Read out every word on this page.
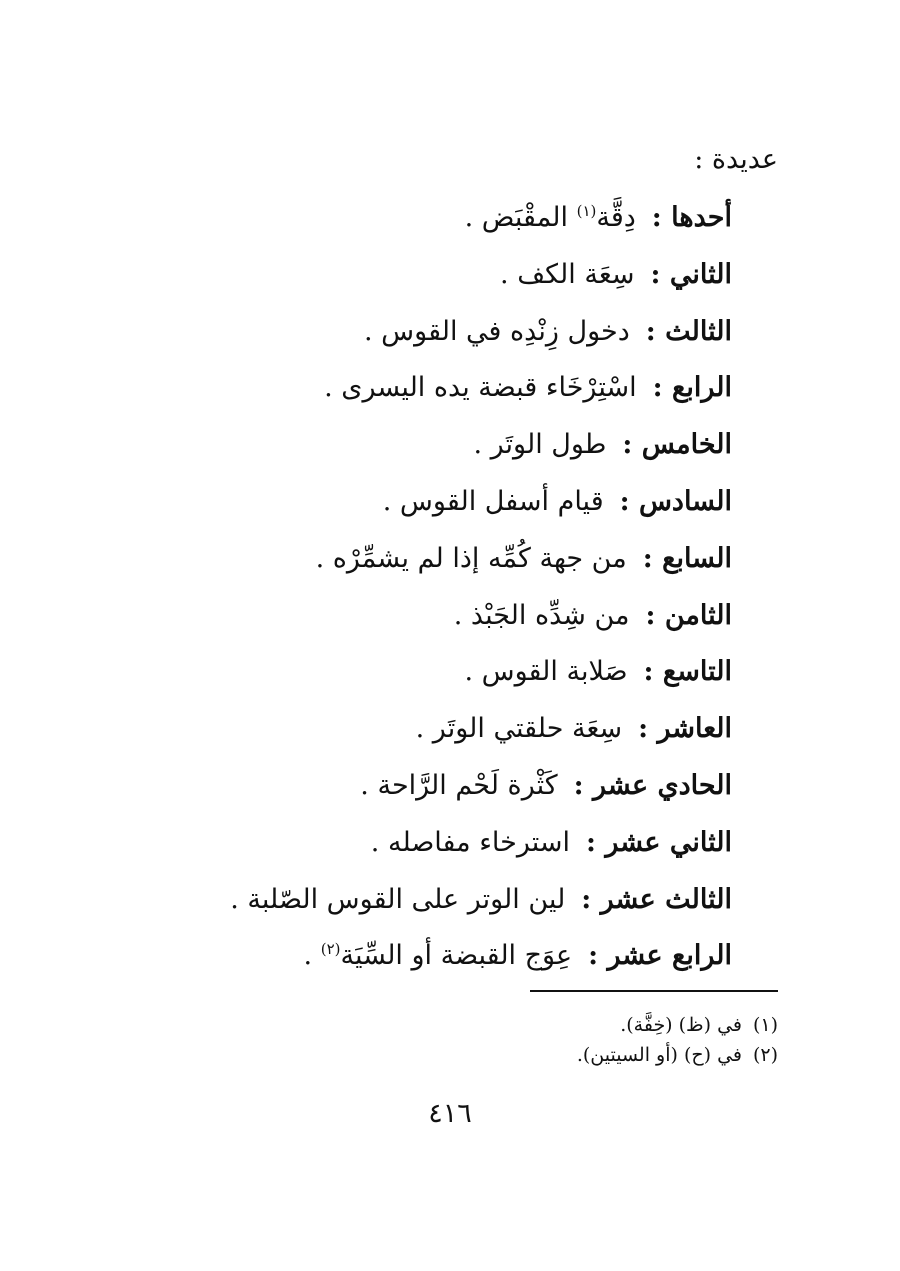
عديدة :
أحدها :دِقَّة$^{(١)}$ المقْبَض .
الثاني :سِعَة الكف .
الثالث :دخول زِنْدِه في القوس .
الرابع :اسْتِرْخَاء قبضة يده اليسرى .
الخامس :طول الوتَر .
السادس :قيام أسفل القوس .
السابع :من جهة كُمِّه إذا لم يشمِّرْه .
الثامن :من شِدِّه الجَبْذ .
التاسع :صَلابة القوس .
العاشر :سِعَة حلقتي الوتَر .
الحادي عشر :كَثْرة لَحْم الرَّاحة .
الثاني عشر :استرخاء مفاصله .
الثالث عشر :لين الوتر على القوس الصّلبة .
الرابع عشر :عِوَج القبضة أو السِّيَة$^{(٢)}$ .
(١)في (ظ) (خِفَّة).
(٢)في (ح) (أو السيتين).
٤١٦
